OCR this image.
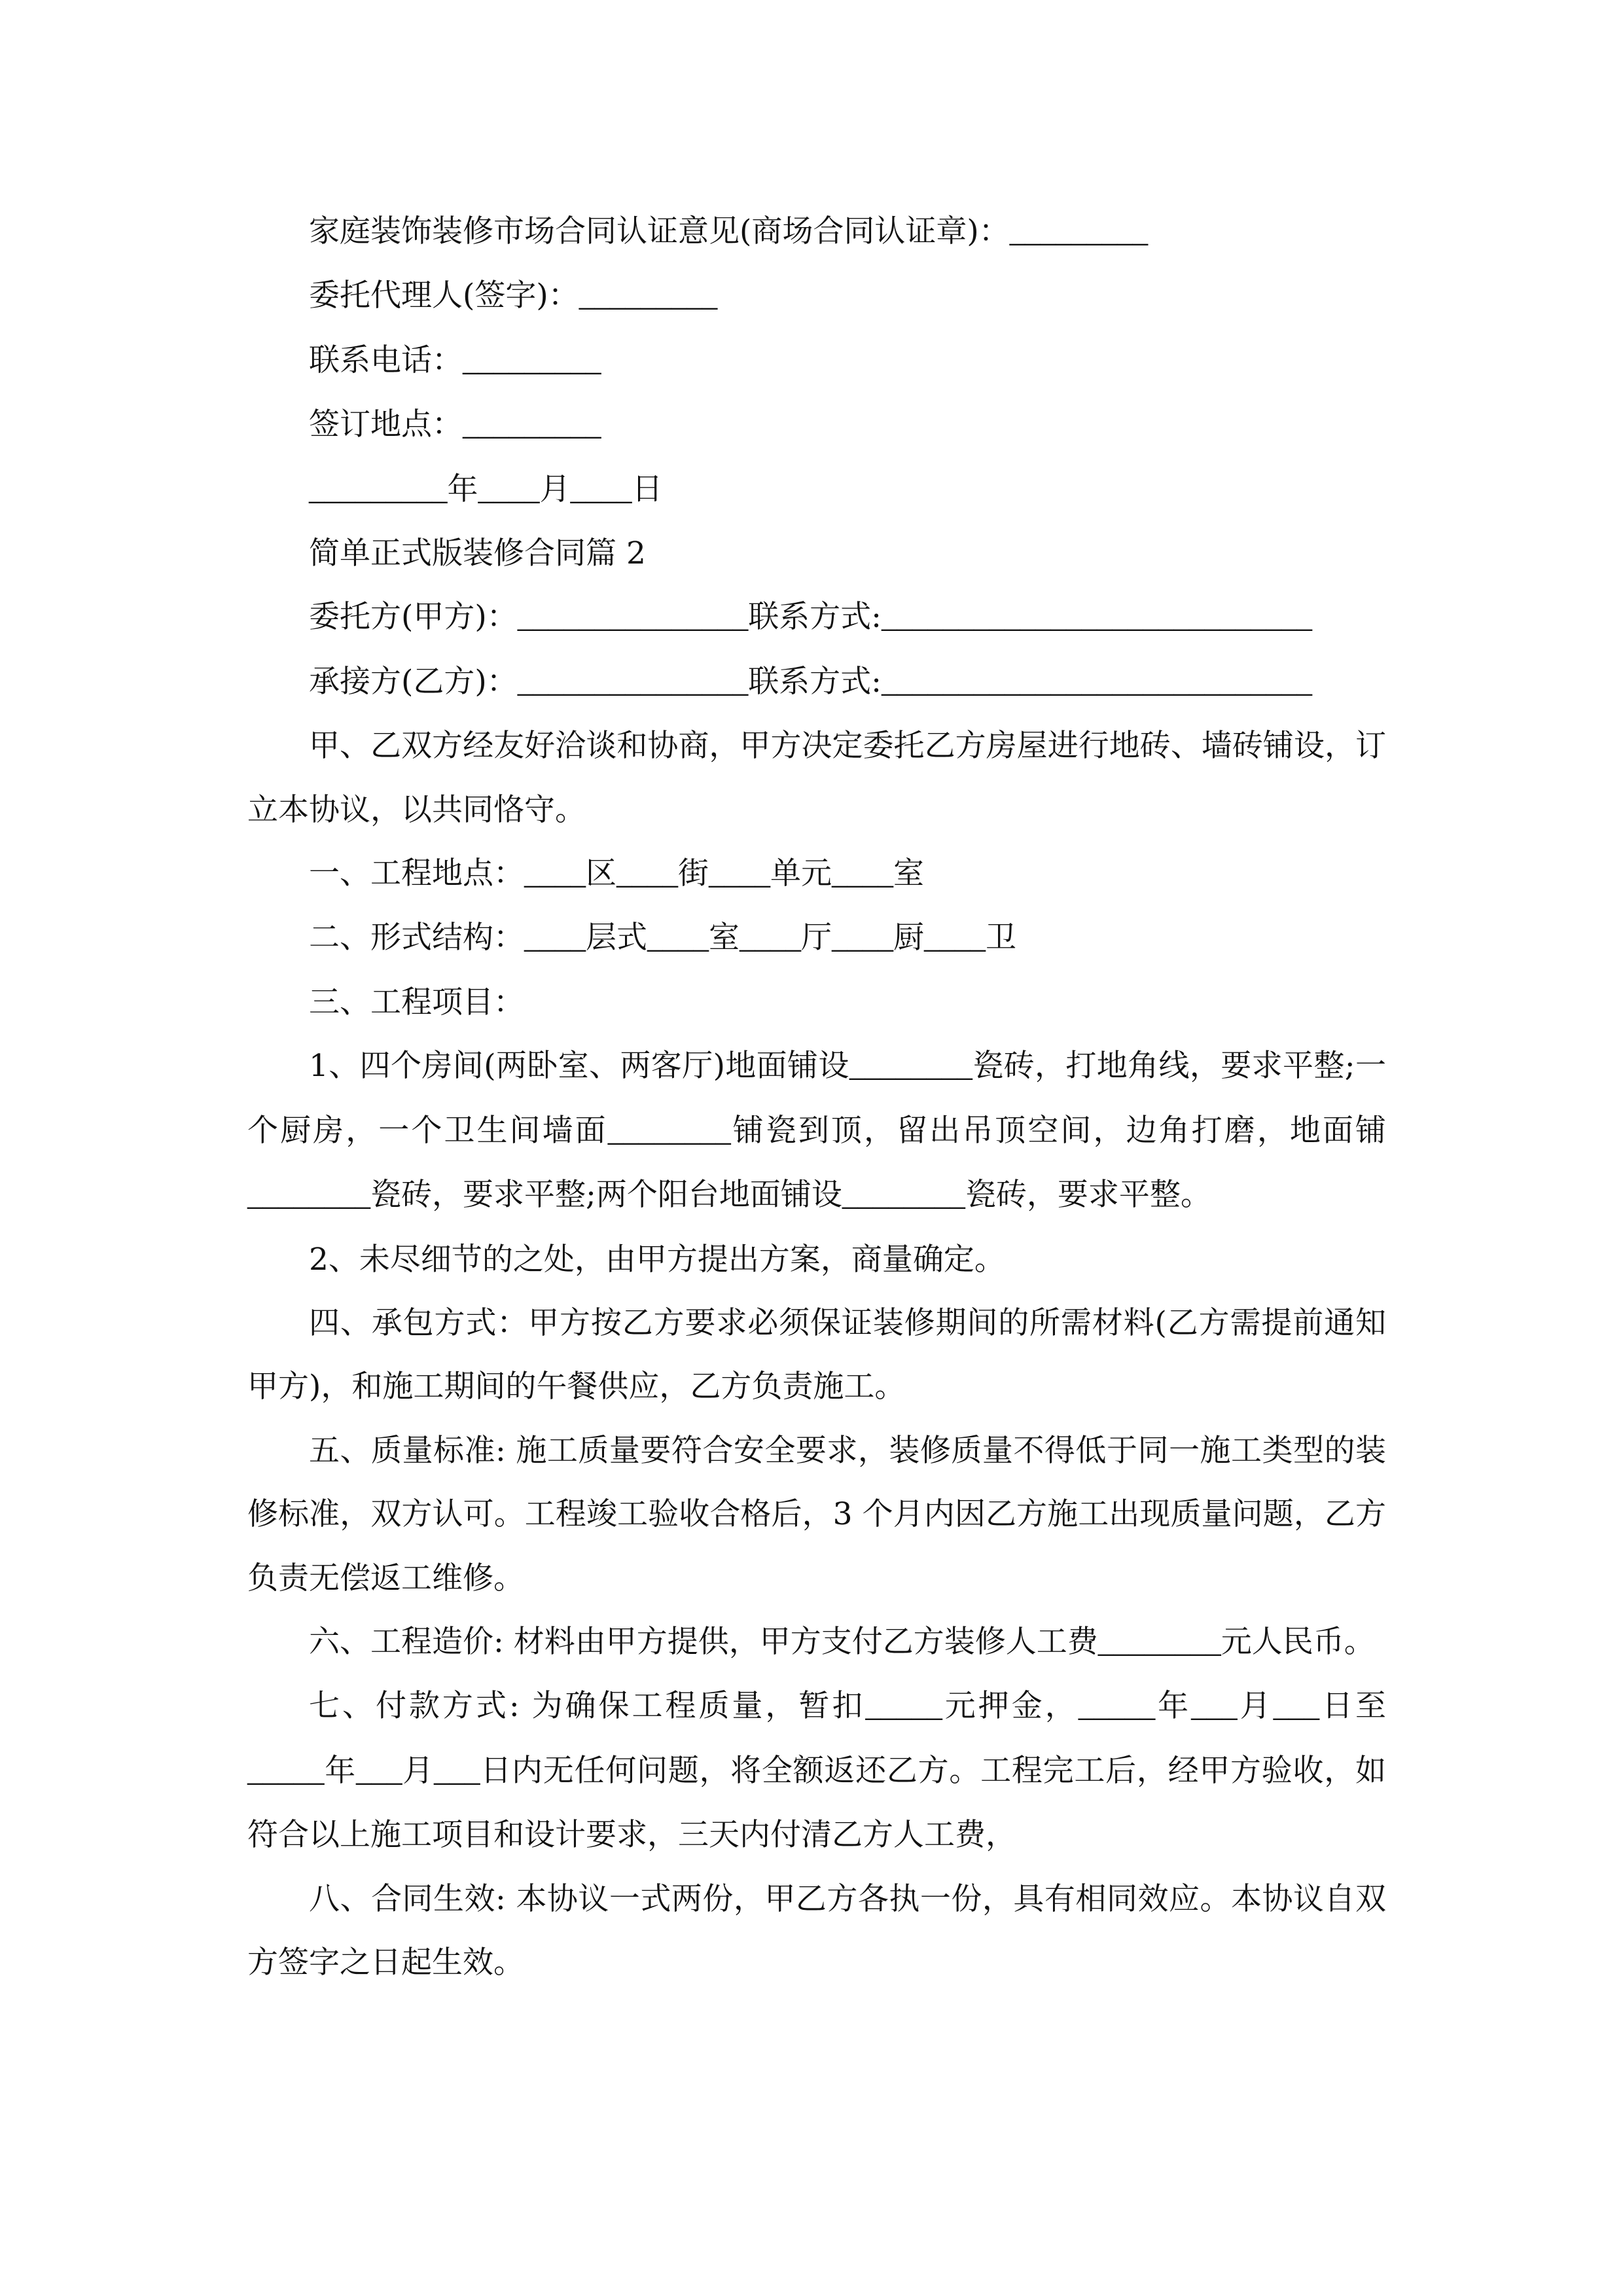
家庭装饰装修市场合同认证意见(商场合同认证章)：_________

委托代理人(签字)：_________

联系电话：_________

签订地点：_________

_________年____月____日

简单正式版装修合同篇 2

委托方(甲方)：_______________联系方式:____________________________

承接方(乙方)：_______________联系方式:____________________________

甲、乙双方经友好洽谈和协商，甲方决定委托乙方房屋进行地砖、墙砖铺设，订立本协议，以共同恪守。

一、工程地点：____区____街____单元____室

二、形式结构：____层式____室____厅____厨____卫

三、工程项目：

1、四个房间(两卧室、两客厅)地面铺设________瓷砖，打地角线，要求平整;一个厨房，一个卫生间墙面________铺瓷到顶，留出吊顶空间，边角打磨，地面铺________瓷砖，要求平整;两个阳台地面铺设________瓷砖，要求平整。

2、未尽细节的之处，由甲方提出方案，商量确定。

四、承包方式：甲方按乙方要求必须保证装修期间的所需材料(乙方需提前通知甲方)，和施工期间的午餐供应，乙方负责施工。

五、质量标准: 施工质量要符合安全要求，装修质量不得低于同一施工类型的装修标准，双方认可。工程竣工验收合格后，3 个月内因乙方施工出现质量问题，乙方负责无偿返工维修。

六、工程造价: 材料由甲方提供，甲方支付乙方装修人工费________元人民币。

七、付款方式: 为确保工程质量，暂扣_____元押金，_____年___月___日至_____年___月___日内无任何问题，将全额返还乙方。工程完工后，经甲方验收，如符合以上施工项目和设计要求，三天内付清乙方人工费，

八、合同生效: 本协议一式两份，甲乙方各执一份，具有相同效应。本协议自双方签字之日起生效。
